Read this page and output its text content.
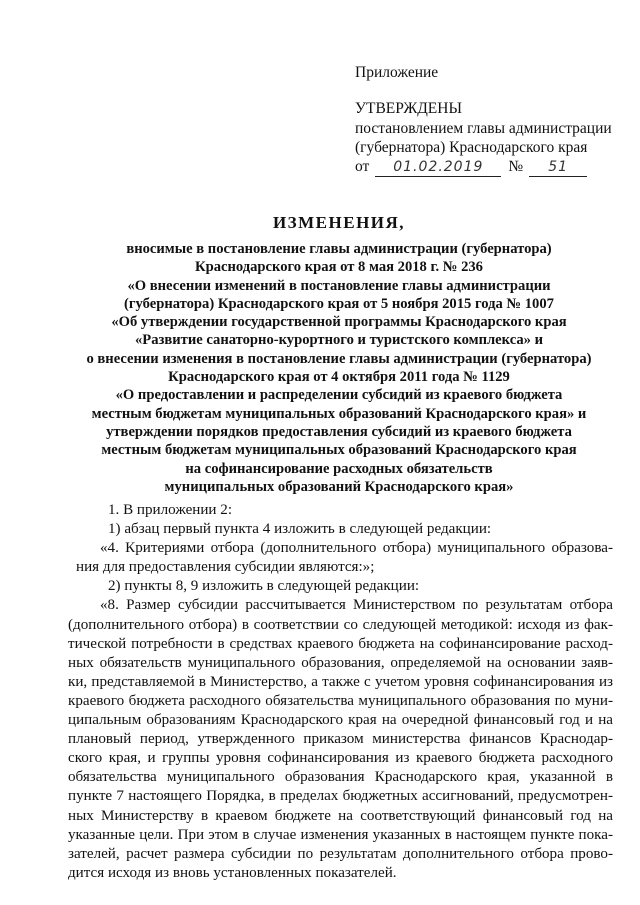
Приложение
УТВЕРЖДЕНЫ
постановлением главы администрации
(губернатора) Краснодарского края
от	01.02.2019	№	51
ИЗМЕНЕНИЯ,
вносимые в постановление главы администрации (губернатора)
Краснодарского края от 8 мая 2018 г. № 236
«О внесении изменений в постановление главы администрации
(губернатора) Краснодарского края от 5 ноября 2015 года № 1007
«Об утверждении государственной программы Краснодарского края
«Развитие санаторно-курортного и туристского комплекса» и
о внесении изменения в постановление главы администрации (губернатора)
Краснодарского края от 4 октября 2011 года № 1129
«О предоставлении и распределении субсидий из краевого бюджета
местным бюджетам муниципальных образований Краснодарского края» и
утверждении порядков предоставления субсидий из краевого бюджета
местным бюджетам муниципальных образований Краснодарского края
на софинансирование расходных обязательств
муниципальных образований Краснодарского края»
1. В приложении 2:
1) абзац первый пункта 4 изложить в следующей редакции:
«4. Критериями отбора (дополнительного отбора) муниципального образова-
ния для предоставления субсидии являются:»;
2) пункты 8, 9 изложить в следующей редакции:
«8. Размер субсидии рассчитывается Министерством по результатам отбора
(дополнительного отбора) в соответствии со следующей методикой: исходя из фак-
тической потребности в средствах краевого бюджета на софинансирование расход-
ных обязательств муниципального образования, определяемой на основании заяв-
ки, представляемой в Министерство, а также с учетом уровня софинансирования из
краевого бюджета расходного обязательства муниципального образования по муни-
ципальным образованиям Краснодарского края на очередной финансовый год и на
плановый период, утвержденного приказом министерства финансов Краснодар-
ского края, и группы уровня софинансирования из краевого бюджета расходного
обязательства муниципального образования Краснодарского края, указанной в
пункте 7 настоящего Порядка, в пределах бюджетных ассигнований, предусмотрен-
ных Министерству в краевом бюджете на соответствующий финансовый год на
указанные цели. При этом в случае изменения указанных в настоящем пункте пока-
зателей, расчет размера субсидии по результатам дополнительного отбора прово-
дится исходя из вновь установленных показателей.
